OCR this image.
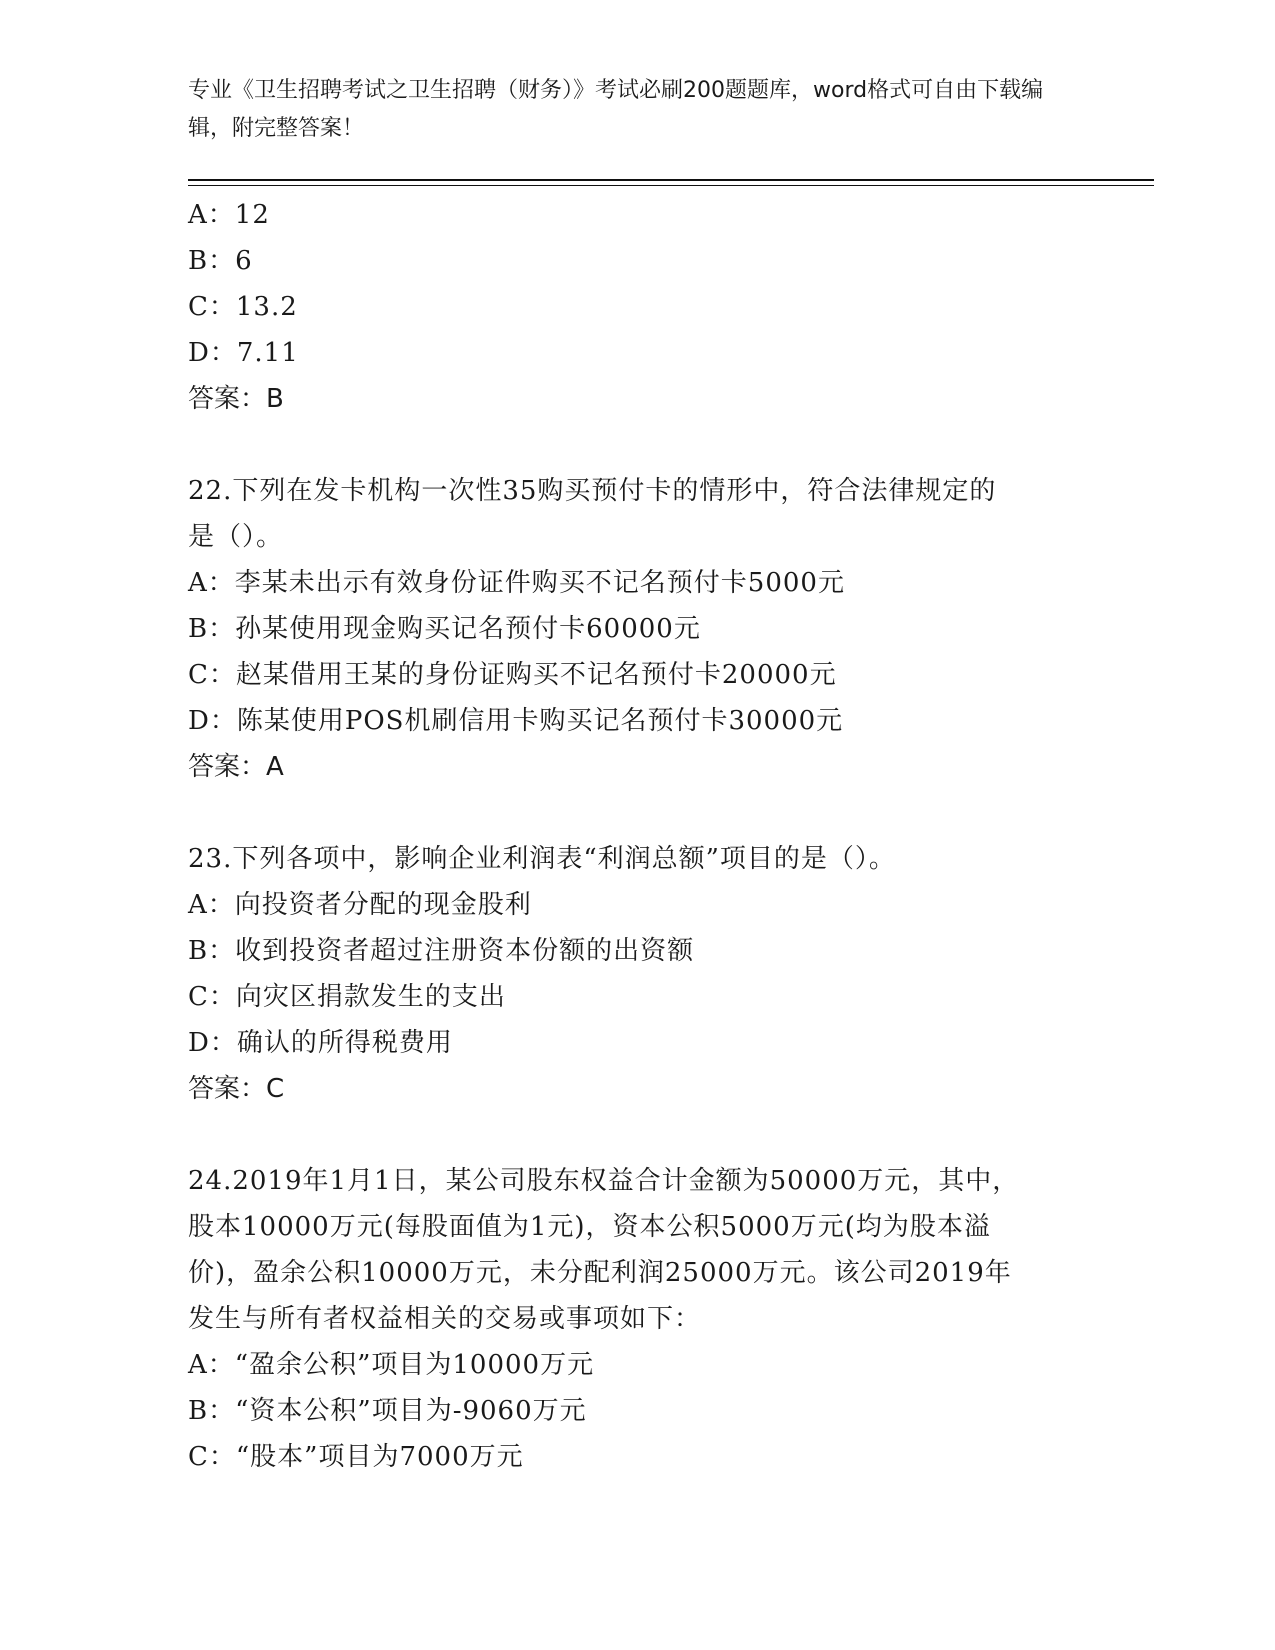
专业《卫生招聘考试之卫生招聘（财务）》考试必刷200题题库，word格式可自由下载编辑，附完整答案！
A：12
B：6
C：13.2
D：7.11
答案：B
22.下列在发卡机构一次性35购买预付卡的情形中，符合法律规定的
是（）。
A：李某未出示有效身份证件购买不记名预付卡5000元
B：孙某使用现金购买记名预付卡60000元
C：赵某借用王某的身份证购买不记名预付卡20000元
D：陈某使用POS机刷信用卡购买记名预付卡30000元
答案：A
23.下列各项中，影响企业利润表“利润总额”项目的是（）。
A：向投资者分配的现金股利
B：收到投资者超过注册资本份额的出资额
C：向灾区捐款发生的支出
D：确认的所得税费用
答案：C
24.2019年1月1日，某公司股东权益合计金额为50000万元，其中，
股本10000万元(每股面值为1元)，资本公积5000万元(均为股本溢
价)，盈余公积10000万元，未分配利润25000万元。该公司2019年
发生与所有者权益相关的交易或事项如下：
A：“盈余公积”项目为10000万元
B：“资本公积”项目为-9060万元
C：“股本”项目为7000万元
